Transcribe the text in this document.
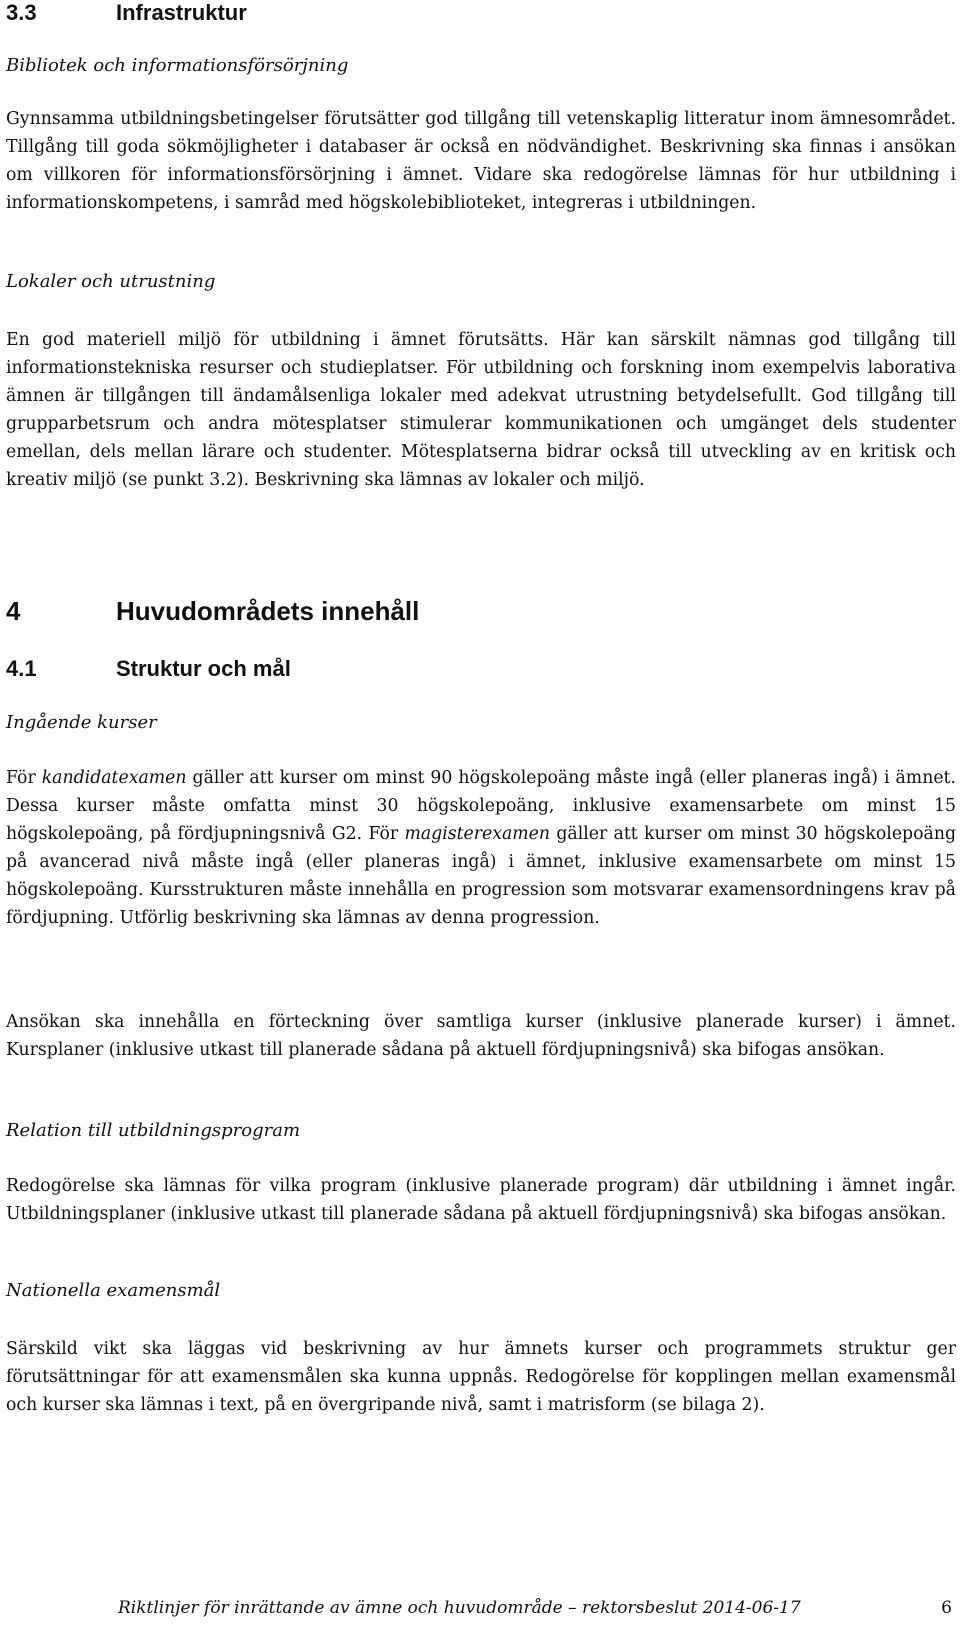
3.3	Infrastruktur

Bibliotek och informationsförsörjning

Gynnsamma utbildningsbetingelser förutsätter god tillgång till vetenskaplig litteratur inom ämnesområdet. Tillgång till goda sökmöjligheter i databaser är också en nödvändighet. Beskrivning ska finnas i ansökan om villkoren för informationsförsörjning i ämnet. Vidare ska redogörelse lämnas för hur utbildning i informationskompetens, i samråd med högskolebiblioteket, integreras i utbildningen.

Lokaler och utrustning

En god materiell miljö för utbildning i ämnet förutsätts. Här kan särskilt nämnas god tillgång till informationstekniska resurser och studieplatser. För utbildning och forskning inom exempelvis laborativa ämnen är tillgången till ändamålsenliga lokaler med adekvat utrustning betydelsefullt. God tillgång till grupparbetsrum och andra mötesplatser stimulerar kommunikationen och umgänget dels studenter emellan, dels mellan lärare och studenter. Mötesplatserna bidrar också till utveckling av en kritisk och kreativ miljö (se punkt 3.2). Beskrivning ska lämnas av lokaler och miljö.

4	Huvudområdets innehåll
4.1	Struktur och mål

Ingående kurser

För kandidatexamen gäller att kurser om minst 90 högskolepoäng måste ingå (eller planeras ingå) i ämnet. Dessa kurser måste omfatta minst 30 högskolepoäng, inklusive examensarbete om minst 15 högskolepoäng, på fördjupningsnivå G2. För magisterexamen gäller att kurser om minst 30 högskolepoäng på avancerad nivå måste ingå (eller planeras ingå) i ämnet, inklusive examensarbete om minst 15 högskolepoäng. Kursstrukturen måste innehålla en progression som motsvarar examensordningens krav på fördjupning. Utförlig beskrivning ska lämnas av denna progression.

Ansökan ska innehålla en förteckning över samtliga kurser (inklusive planerade kurser) i ämnet. Kursplaner (inklusive utkast till planerade sådana på aktuell fördjupningsnivå) ska bifogas ansökan.

Relation till utbildningsprogram

Redogörelse ska lämnas för vilka program (inklusive planerade program) där utbildning i ämnet ingår. Utbildningsplaner (inklusive utkast till planerade sådana på aktuell fördjupningsnivå) ska bifogas ansökan.

Nationella examensmål

Särskild vikt ska läggas vid beskrivning av hur ämnets kurser och programmets struktur ger förutsättningar för att examensmålen ska kunna uppnås. Redogörelse för kopplingen mellan examensmål och kurser ska lämnas i text, på en övergripande nivå, samt i matrisform (se bilaga 2).

Riktlinjer för inrättande av ämne och huvudområde – rektorsbeslut 2014-06-17	6
